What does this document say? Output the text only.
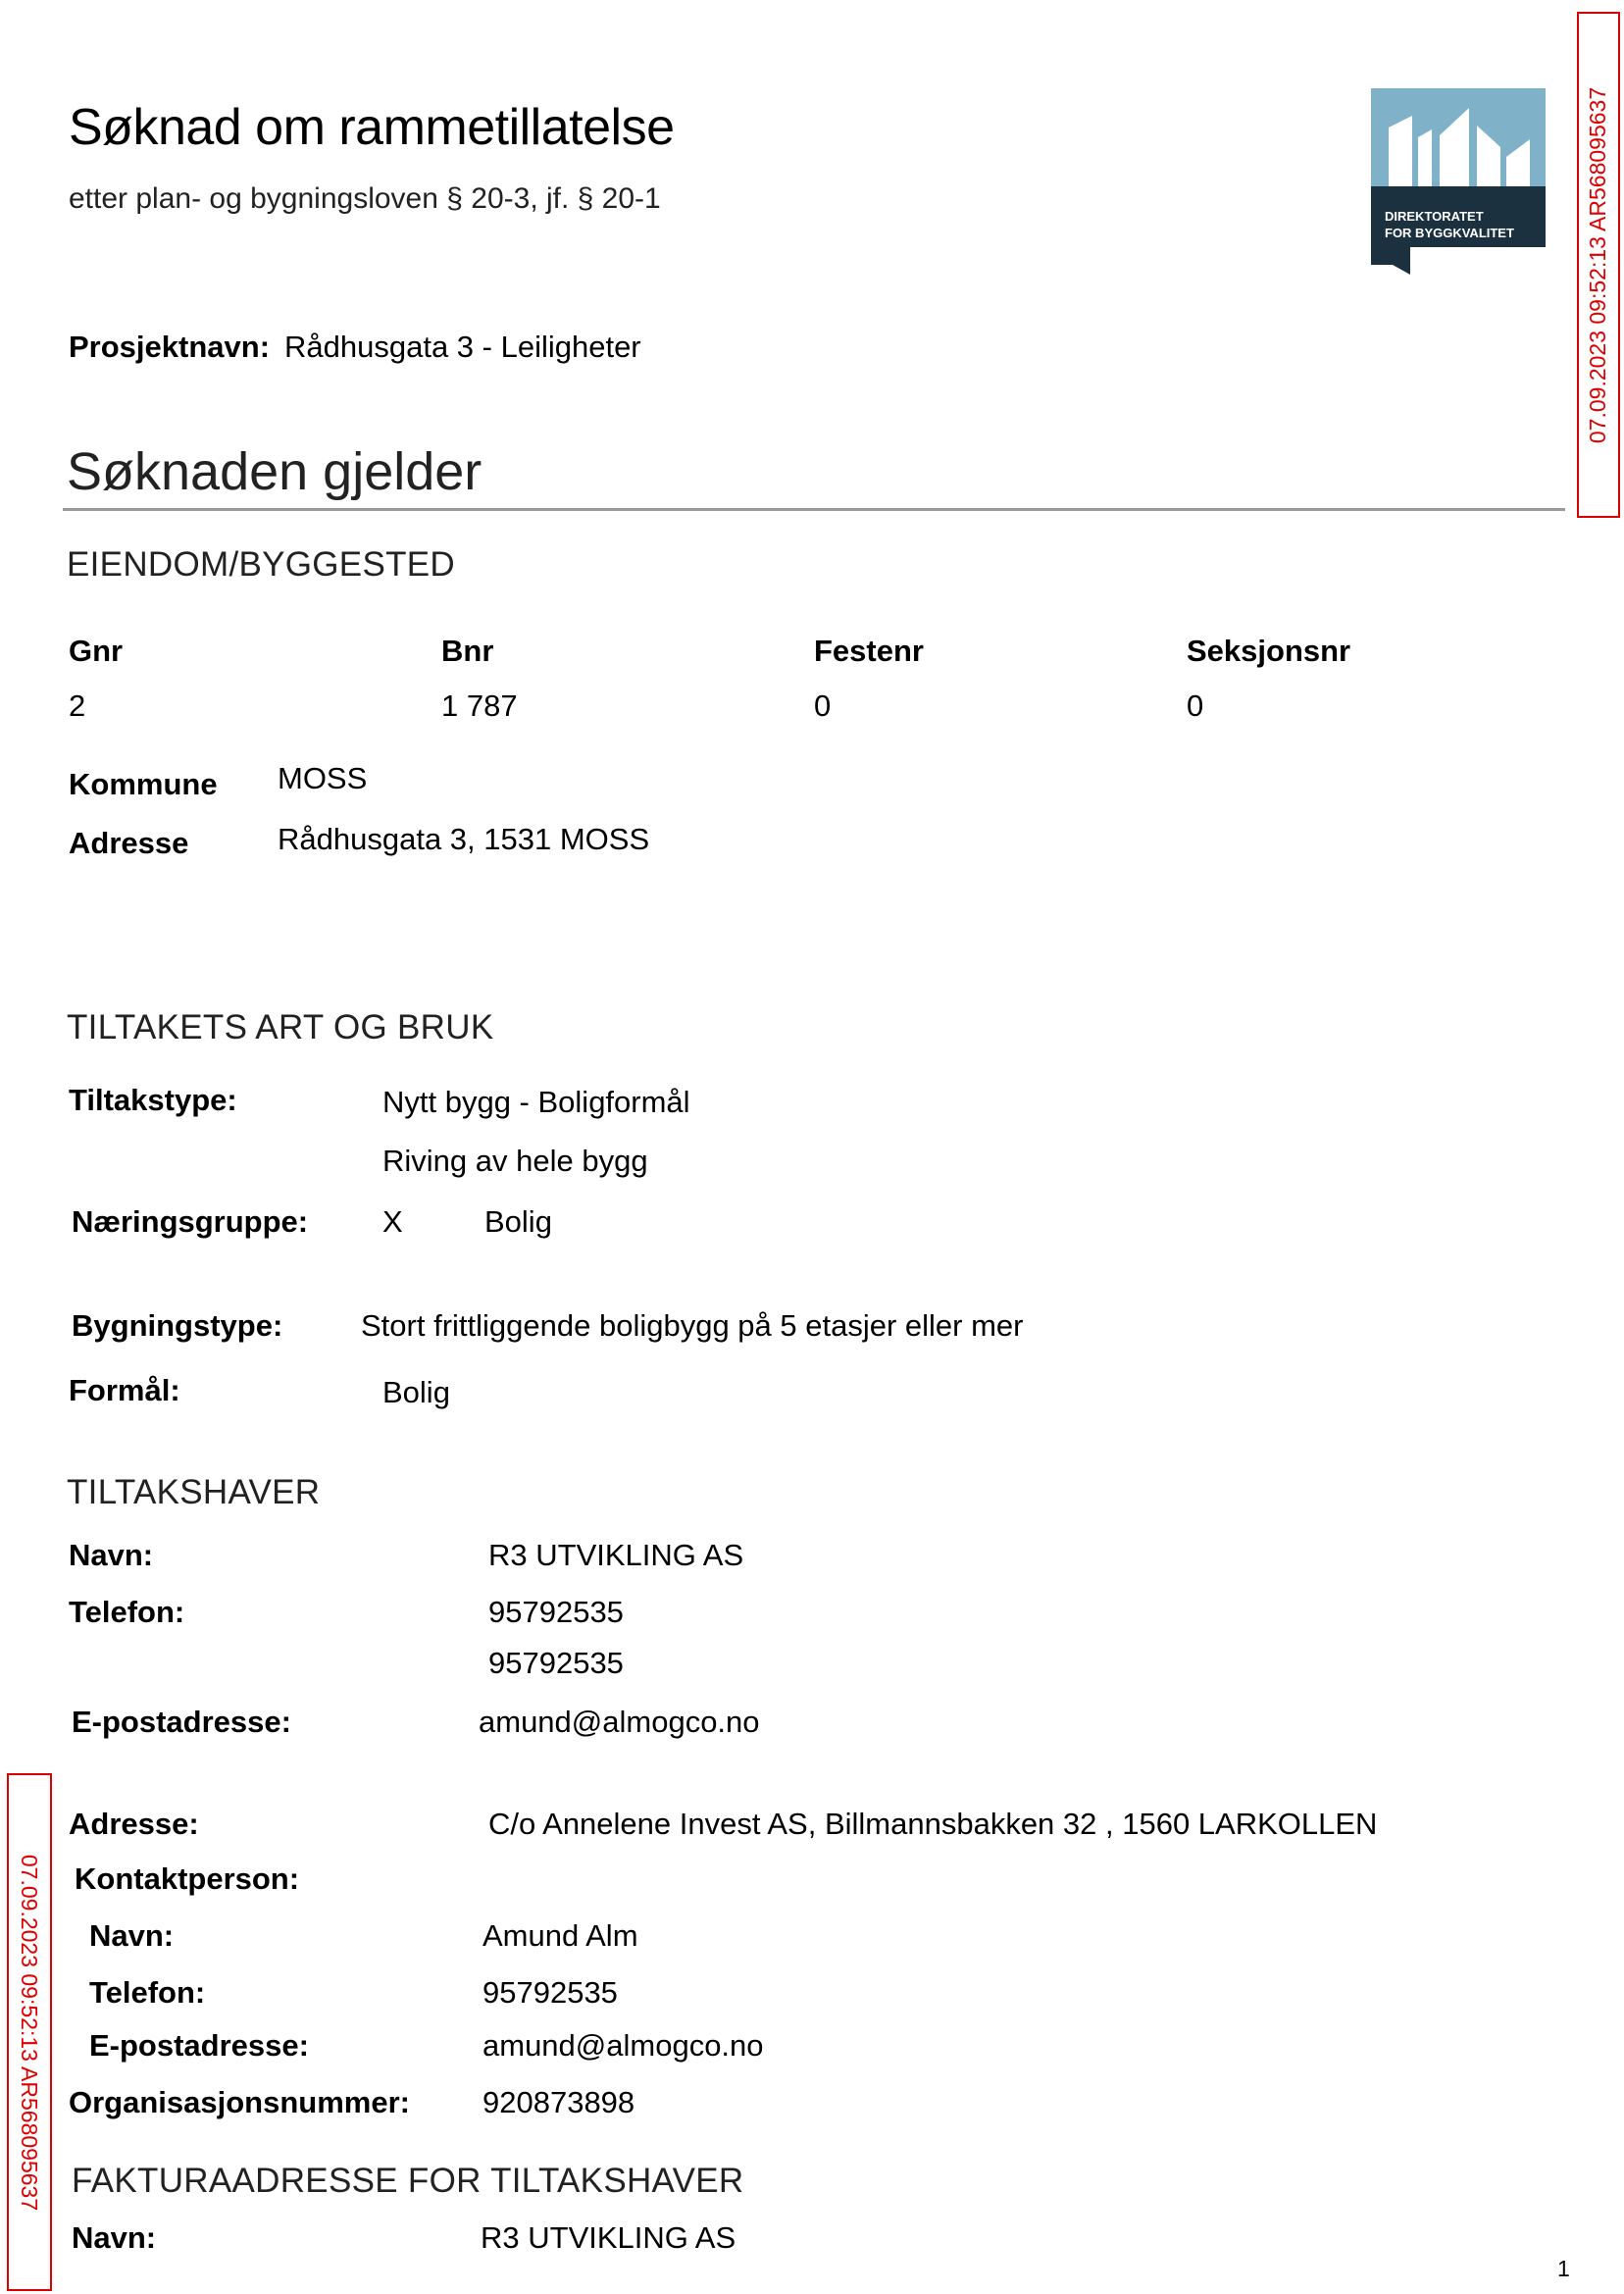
Søknad om rammetillatelse
etter plan- og bygningsloven § 20-3, jf. § 20-1
DIREKTORATET
FOR BYGGKVALITET	07.09.2023 09:52:13 AR568095637
07.09.2023 09:52:13 AR568095637
Prosjektnavn: Rådhusgata 3 - Leiligheter
Søknaden gjelder
EIENDOM/BYGGESTED
Gnr	Bnr	Festenr	Seksjonsnr
2	1 787	0	0
Kommune MOSS
Adresse	Rådhusgata 3, 1531 MOSS
TILTAKETS ART OG BRUK
Tiltakstype:	Nytt bygg - Boligformål
Riving av hele bygg
Næringsgruppe: X	Bolig
Bygningstype:	Stort frittliggende boligbygg på 5 etasjer eller mer
Formål:	Bolig
TILTAKSHAVER
Navn:	R3 UTVIKLING AS
Telefon:	95792535
95792535
E-postadresse:	amund@almogco.no
Adresse:	C/o Annelene Invest AS, Billmannsbakken 32 , 1560 LARKOLLEN
Kontaktperson:
Navn:	Amund Alm
Telefon:	95792535
E-postadresse:	amund@almogco.no
Organisasjonsnummer: 920873898
FAKTURAADRESSE FOR TILTAKSHAVER
Navn:	R3 UTVIKLING AS
1
